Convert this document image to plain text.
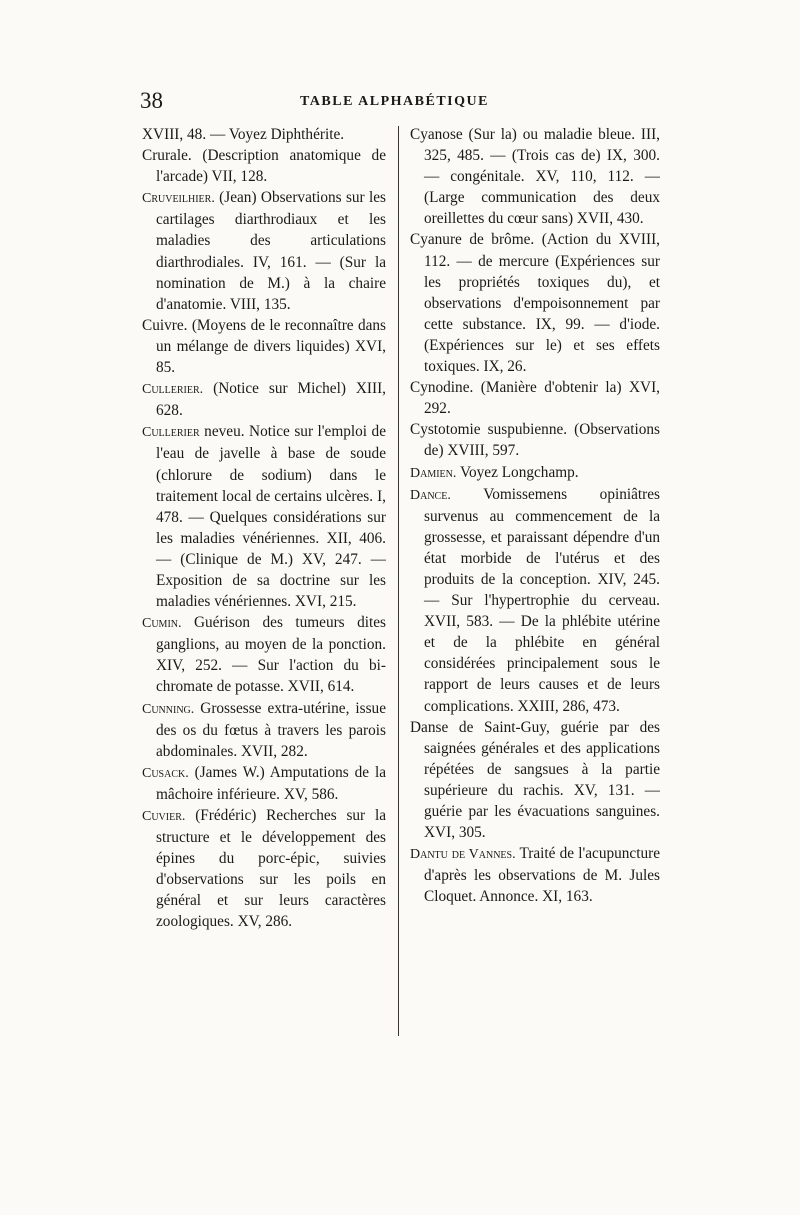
38	TABLE ALPHABÉTIQUE

XVIII, 48. — Voyez Diphthérite.

Crurale. (Description anatomique de l'arcade) VII, 128.

Cruveilhier. (Jean) Observations sur les cartilages diarthrodiaux et les maladies des articulations diarthrodiales. IV, 161. — (Sur la nomination de M.) à la chaire d'anatomie. VIII, 135.

Cuivre. (Moyens de le reconnaître dans un mélange de divers liquides) XVI, 85.

Cullerier. (Notice sur Michel) XIII, 628.

Cullerier neveu. Notice sur l'emploi de l'eau de javelle à base de soude (chlorure de sodium) dans le traitement local de certains ulcères. I, 478. — Quelques considérations sur les maladies vénériennes. XII, 406. — (Clinique de M.) XV, 247. — Exposition de sa doctrine sur les maladies vénériennes. XVI, 215.

Cumin. Guérison des tumeurs dites ganglions, au moyen de la ponction. XIV, 252. — Sur l'action du bi-chromate de potasse. XVII, 614.

Cunning. Grossesse extra-utérine, issue des os du fœtus à travers les parois abdominales. XVII, 282.

Cusack. (James W.) Amputations de la mâchoire inférieure. XV, 586.

Cuvier. (Frédéric) Recherches sur la structure et le développement des épines du porc-épic, suivies d'observations sur les poils en général et sur leurs caractères zoologiques. XV, 286.

Cyanose (Sur la) ou maladie bleue. III, 325, 485. — (Trois cas de) IX, 300. — congénitale. XV, 110, 112. — (Large communication des deux oreillettes du cœur sans) XVII, 430.

Cyanure de brôme. (Action du XVIII, 112. — de mercure (Expériences sur les propriétés toxiques du), et observations d'empoisonnement par cette substance. IX, 99. — d'iode. (Expériences sur le) et ses effets toxiques. IX, 26.

Cynodine. (Manière d'obtenir la) XVI, 292.

Cystotomie suspubienne. (Observations de) XVIII, 597.

Damien. Voyez Longchamp.

Dance. Vomissemens opiniâtres survenus au commencement de la grossesse, et paraissant dépendre d'un état morbide de l'utérus et des produits de la conception. XIV, 245. — Sur l'hypertrophie du cerveau. XVII, 583. — De la phlébite utérine et de la phlébite en général considérées principalement sous le rapport de leurs causes et de leurs complications. XXIII, 286, 473.

Danse de Saint-Guy, guérie par des saignées générales et des applications répétées de sangsues à la partie supérieure du rachis. XV, 131. — guérie par les évacuations sanguines. XVI, 305.

Dantu de Vannes. Traité de l'acupuncture d'après les observations de M. Jules Cloquet. Annonce. XI, 163.
